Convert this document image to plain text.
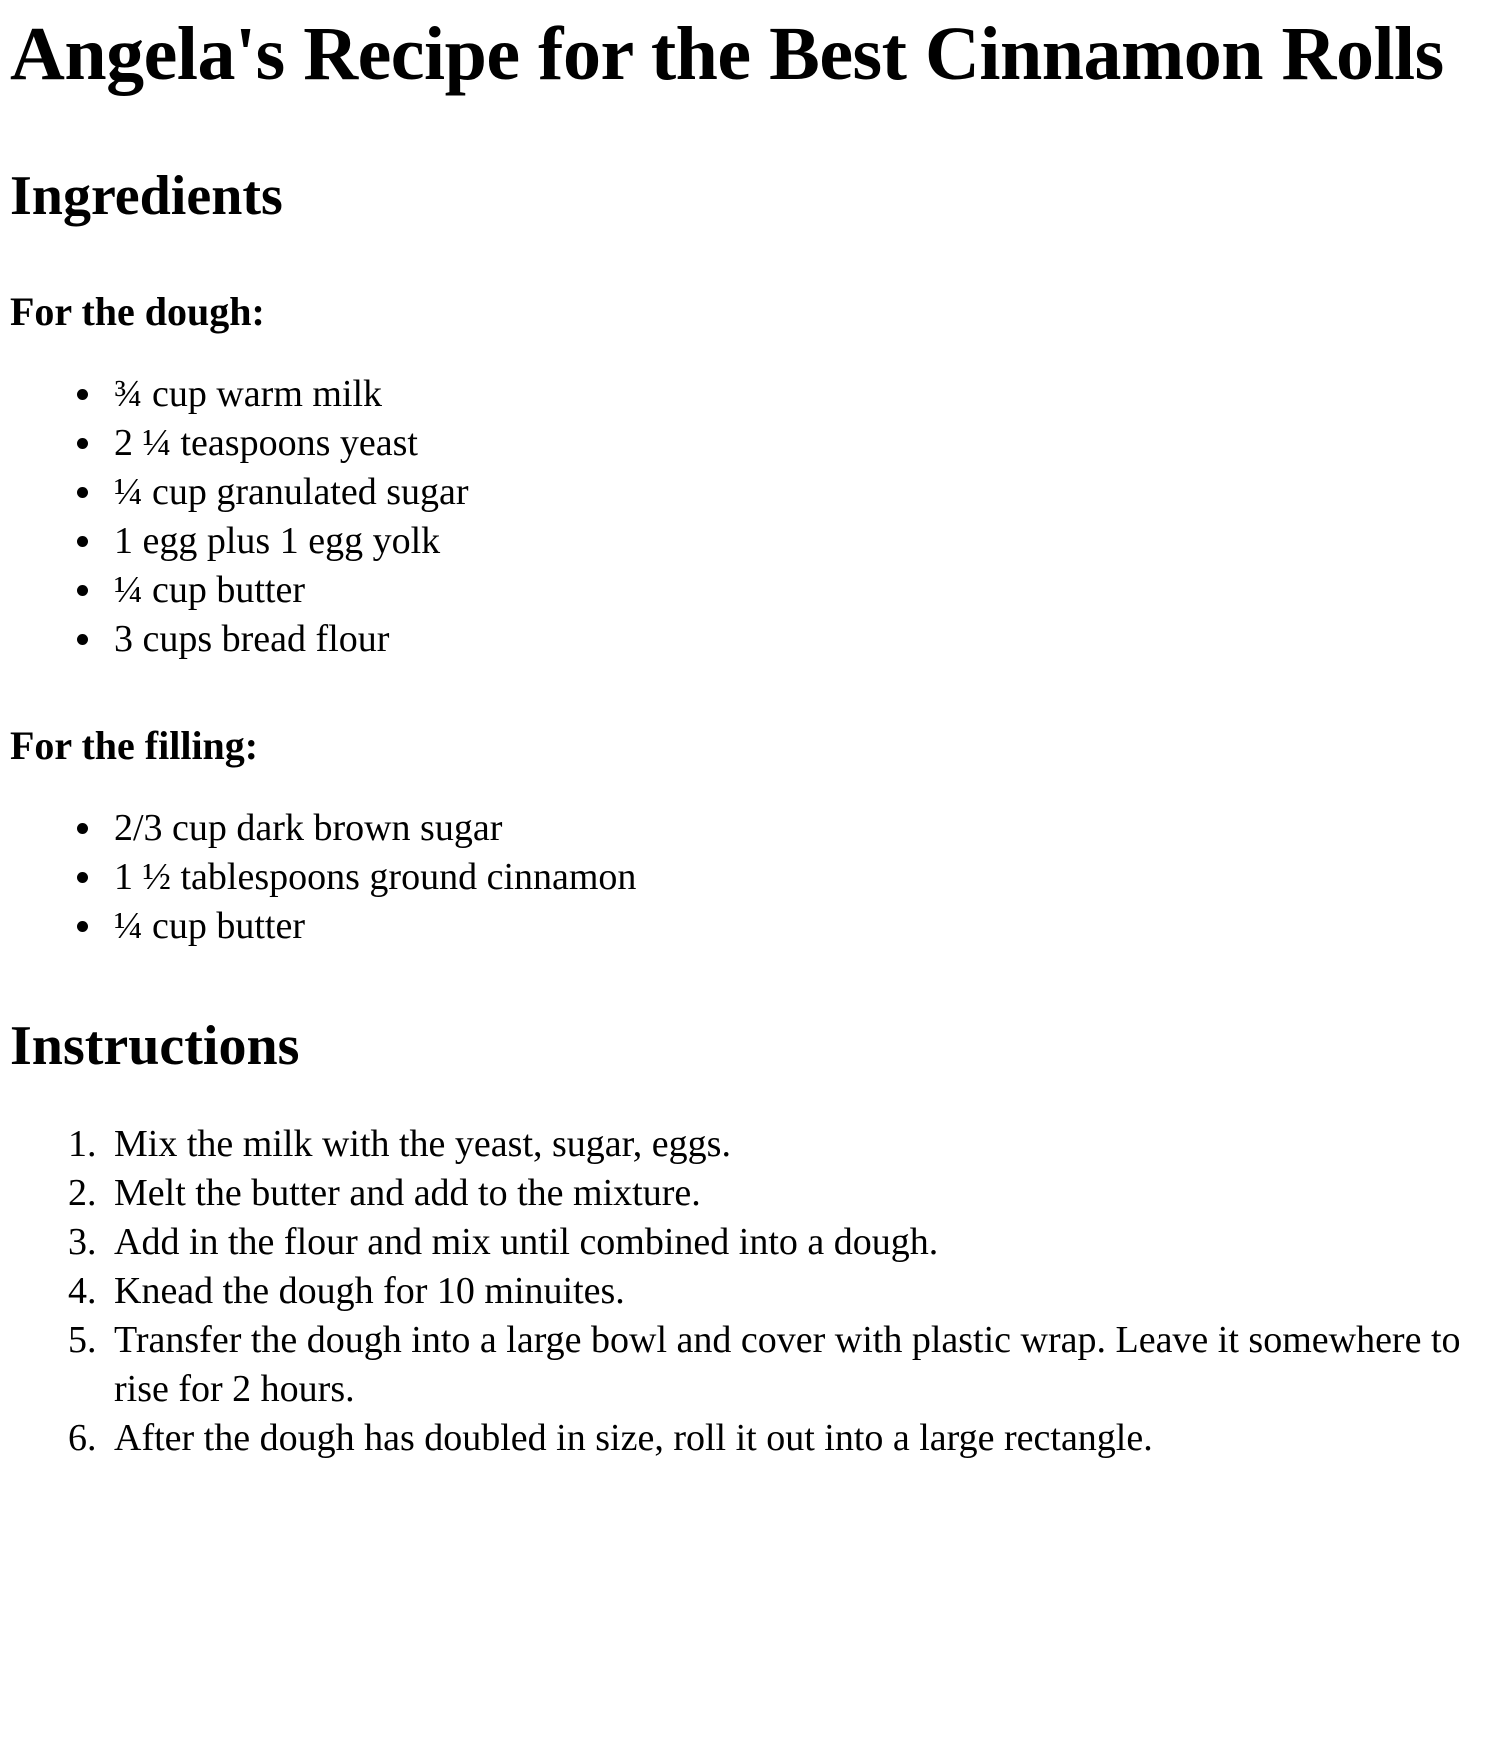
Angela's Recipe for the Best Cinnamon Rolls
Ingredients
For the dough:
• ¾ cup warm milk
• 2 ¼ teaspoons yeast
• ¼ cup granulated sugar
• 1 egg plus 1 egg yolk
• ¼ cup butter
• 3 cups bread flour
For the filling:
• 2/3 cup dark brown sugar
• 1 ½ tablespoons ground cinnamon
• ¼ cup butter
Instructions
1. Mix the milk with the yeast, sugar, eggs.
2. Melt the butter and add to the mixture.
3. Add in the flour and mix until combined into a dough.
4. Knead the dough for 10 minuites.
5. Transfer the dough into a large bowl and cover with plastic wrap. Leave it somewhere to rise for 2 hours.
6. After the dough has doubled in size, roll it out into a large rectangle.
